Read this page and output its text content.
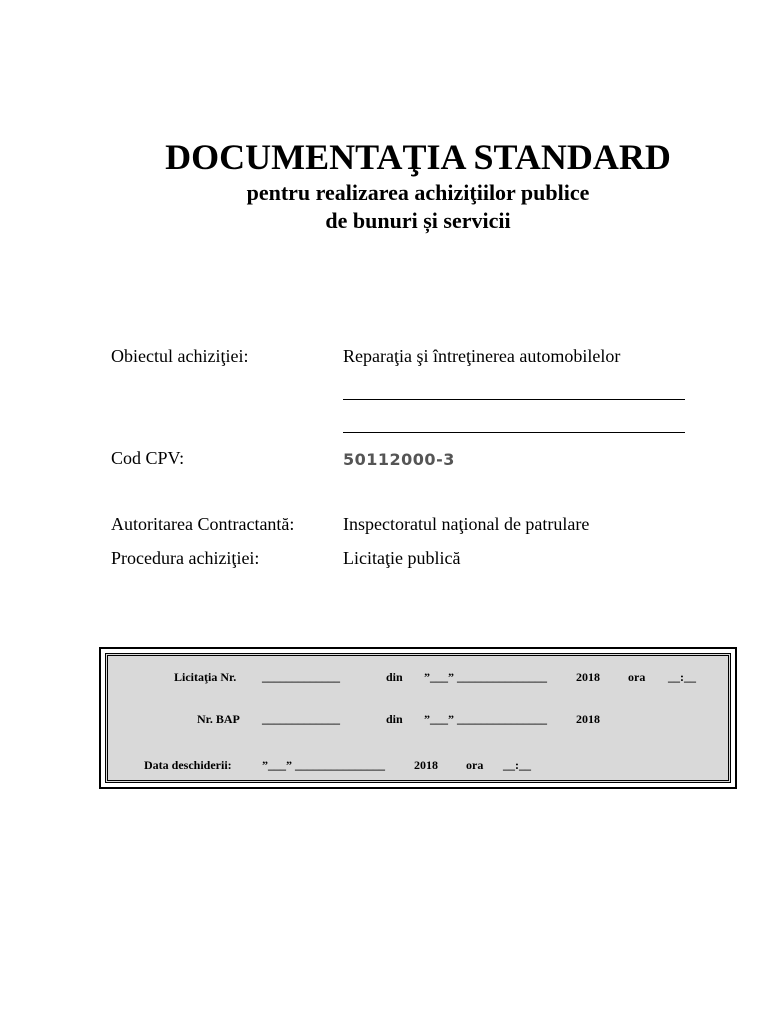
DOCUMENTAŢIA STANDARD
pentru realizarea achiziţiilor publice
de bunuri și servicii
Obiectul achiziţiei:	Reparaţia şi întreţinerea automobilelor
Cod CPV:	50112000-3
Autoritarea Contractantă:	Inspectoratul naţional de patrulare
Procedura achiziţiei:	Licitaţie publică
Licitaţia Nr. _____________	din ”___” _______________ 2018 ora __:__
Nr. BAP _____________	din ”___” _______________ 2018
Data deschiderii:	”___” _______________ 2018 ora __:__
